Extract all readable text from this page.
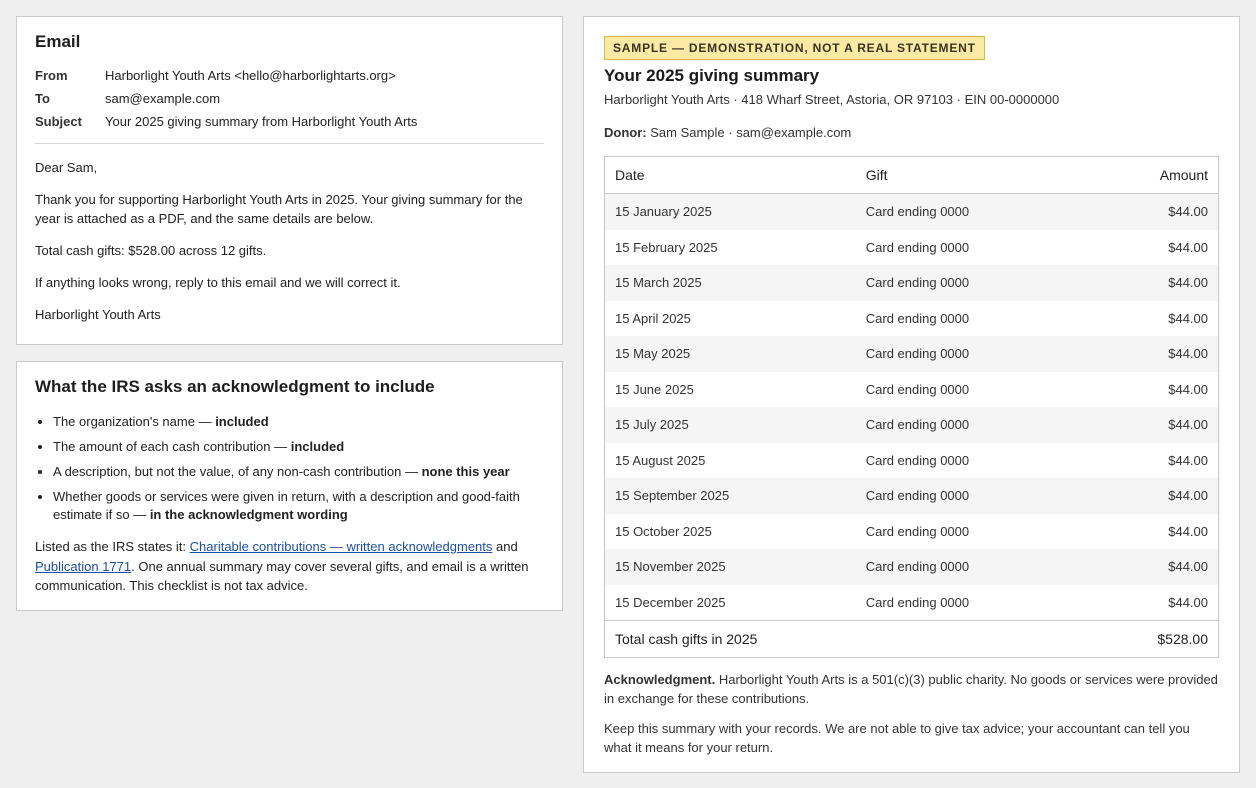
Email
From	Harborlight Youth Arts <hello@harborlightarts.org>
To	sam@example.com
Subject	Your 2025 giving summary from Harborlight Youth Arts

Dear Sam,

Thank you for supporting Harborlight Youth Arts in 2025. Your giving summary for the year is attached as a PDF, and the same details are below.

Total cash gifts: $528.00 across 12 gifts.

If anything looks wrong, reply to this email and we will correct it.

Harborlight Youth Arts

What the IRS asks an acknowledgment to include
• The organization's name — included
• The amount of each cash contribution — included
• A description, but not the value, of any non-cash contribution — none this year
• Whether goods or services were given in return, with a description and good-faith estimate if so — in the acknowledgment wording

Listed as the IRS states it: Charitable contributions — written acknowledgments and Publication 1771. One annual summary may cover several gifts, and email is a written communication. This checklist is not tax advice.

SAMPLE — DEMONSTRATION, NOT A REAL STATEMENT
Your 2025 giving summary
Harborlight Youth Arts · 418 Wharf Street, Astoria, OR 97103 · EIN 00-0000000
Donor: Sam Sample · sam@example.com
Date	Gift	Amount
15 January 2025	Card ending 0000	$44.00
15 February 2025	Card ending 0000	$44.00
15 March 2025	Card ending 0000	$44.00
15 April 2025	Card ending 0000	$44.00
15 May 2025	Card ending 0000	$44.00
15 June 2025	Card ending 0000	$44.00
15 July 2025	Card ending 0000	$44.00
15 August 2025	Card ending 0000	$44.00
15 September 2025	Card ending 0000	$44.00
15 October 2025	Card ending 0000	$44.00
15 November 2025	Card ending 0000	$44.00
15 December 2025	Card ending 0000	$44.00
Total cash gifts in 2025		$528.00
Acknowledgment. Harborlight Youth Arts is a 501(c)(3) public charity. No goods or services were provided in exchange for these contributions.
Keep this summary with your records. We are not able to give tax advice; your accountant can tell you what it means for your return.
